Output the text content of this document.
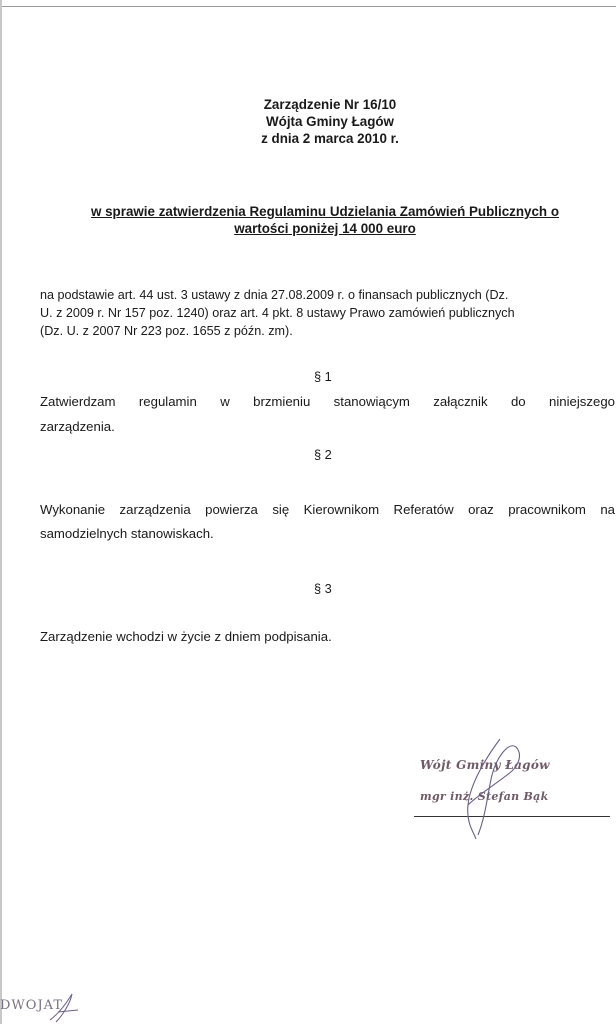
Zarządzenie Nr 16/10
Wójta Gminy Łagów
z dnia 2 marca 2010 r.
w sprawie zatwierdzenia Regulaminu Udzielania Zamówień Publicznych o
wartości poniżej 14 000 euro
na podstawie art. 44 ust. 3 ustawy z dnia 27.08.2009 r. o finansach publicznych (Dz.
U. z 2009 r. Nr 157 poz. 1240) oraz art. 4 pkt. 8 ustawy Prawo zamówień publicznych
(Dz. U. z 2007 Nr 223 poz. 1655 z późn. zm).
§ 1
Zatwierdzam regulamin w brzmieniu stanowiącym załącznik do niniejszego
zarządzenia.
§ 2
Wykonanie zarządzenia powierza się Kierownikom Referatów oraz pracownikom na
samodzielnych stanowiskach.
§ 3
Zarządzenie wchodzi w życie z dniem podpisania.
Wójt Gminy Łagów
mgr inż. Stefan Bąk
DWOJAT
